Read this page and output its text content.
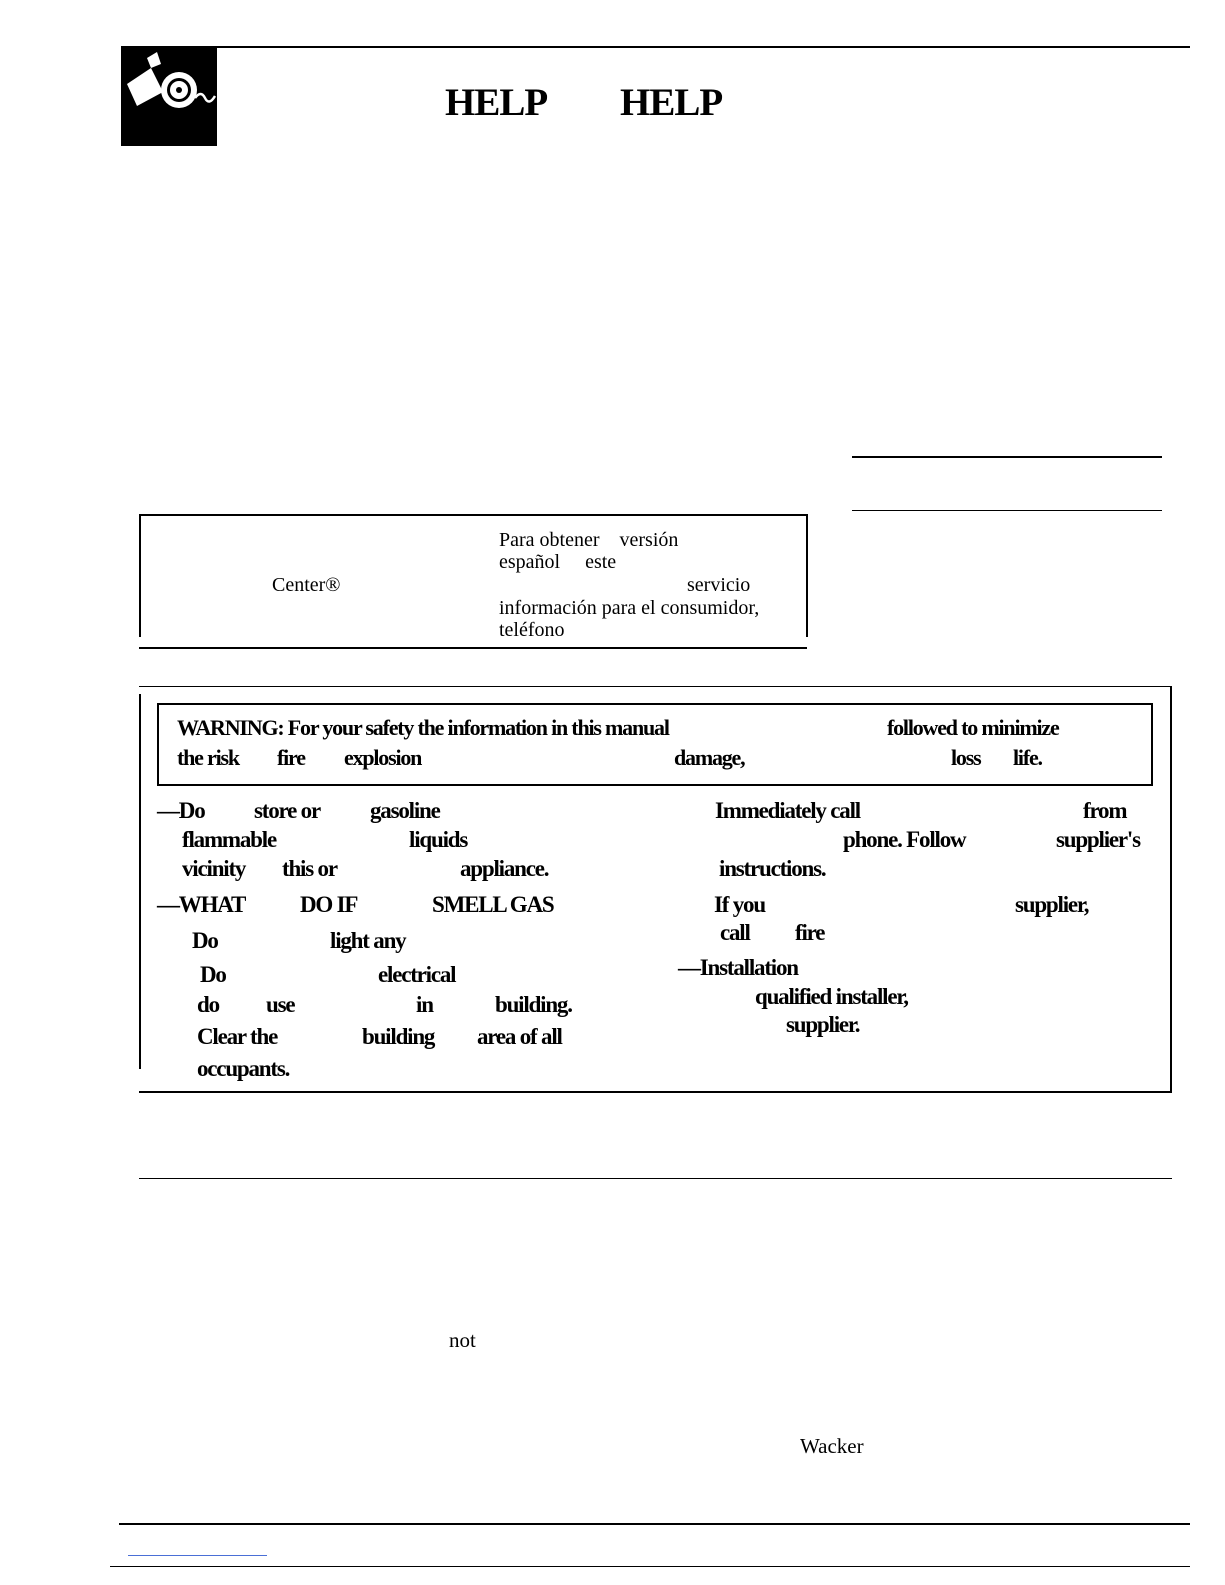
HELP HELP
Center®
Para obtener    versión
español     este
servicio
información para el consumidor,
teléfono
WARNING: For your safety the information in this manual	followed to minimize
the risk fire explosion	damage,	loss life.
—Do store or gasoline
flammable	liquids
vicinity this or	appliance.
—WHAT DO IF	SMELL GAS
Do	light any
Do	electrical
do use	in	building.
Clear the	building area of all
occupants.
Immediately call	from
phone. Follow	supplier's
instructions.
If you	supplier,
call fire
—Installation
qualified installer,
supplier.
not
Wacker
